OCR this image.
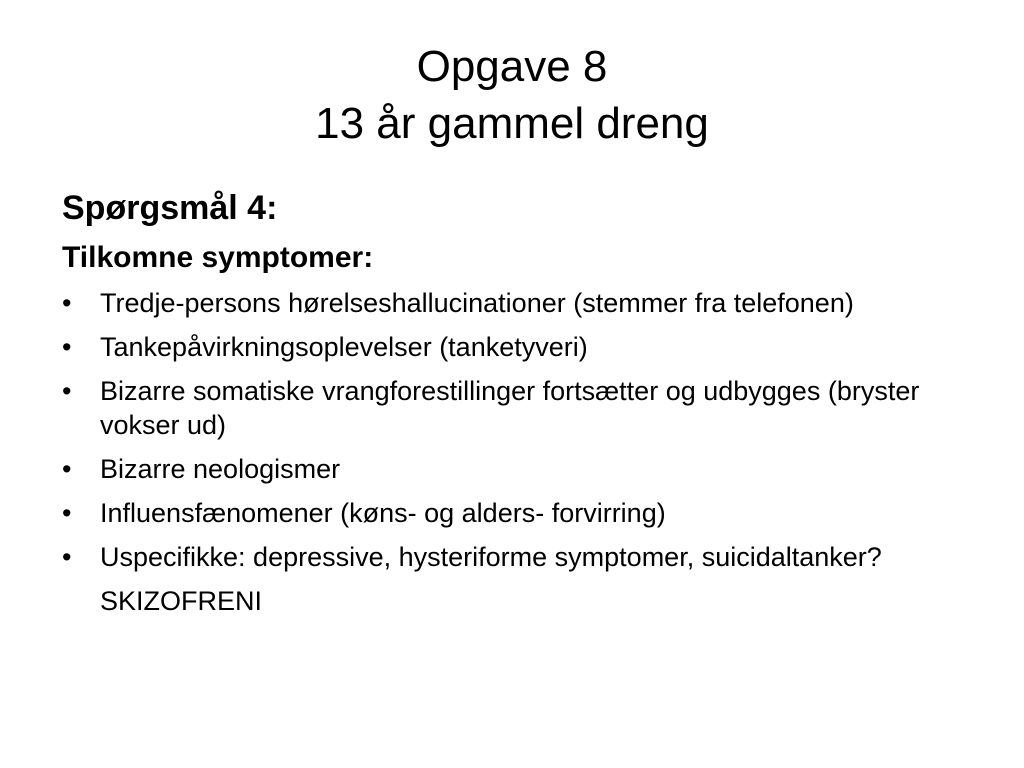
Opgave 8
13 år gammel dreng
Spørgsmål 4:
Tilkomne symptomer:
•	Tredje-persons hørelseshallucinationer (stemmer fra telefonen)
•	Tankepåvirkningsoplevelser (tanketyveri)
•	Bizarre somatiske vrangforestillinger fortsætter og udbygges (bryster vokser ud)
•	Bizarre neologismer
•	Influensfænomener (køns- og alders- forvirring)
•	Uspecifikke: depressive, hysteriforme symptomer, suicidaltanker?
SKIZOFRENI
